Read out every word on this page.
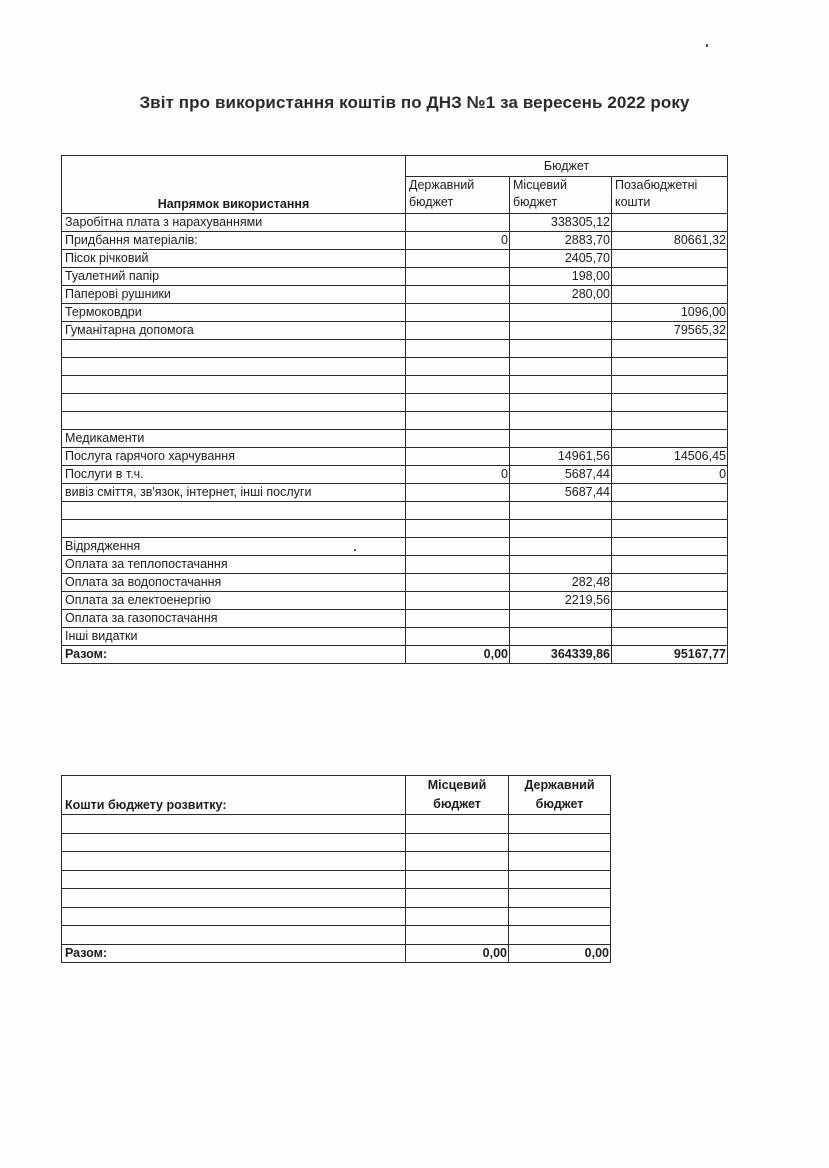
Звіт про використання коштів по ДНЗ №1 за вересень 2022 року
Напрямок використання	Бюджет		
	Державний бюджет	Місцевий бюджет	Позабюджетні кошти
Заробітна плата з нарахуваннями		338305,12	
Придбання матеріалів:	0	2883,70	80661,32
Пісок річковий		2405,70	
Туалетний папір		198,00	
Паперові рушники		280,00	
Термоковдри			1096,00
Гуманітарна допомога			79565,32

Медикаменти			
Послуга гарячого харчування		14961,56	14506,45
Послуги в т.ч.	0	5687,44	0
вивіз сміття, зв'язок, інтернет, інші послуги		5687,44	

Відрядження			
Оплата за теплопостачання			
Оплата за водопостачання		282,48	
Оплата за електоенергію		2219,56	
Оплата за газопостачання			
Інші видатки			
Разом:	0,00	364339,86	95167,77
Кошти бюджету розвитку:	Місцевий бюджет	Державний бюджет

Разом:	0,00	0,00
